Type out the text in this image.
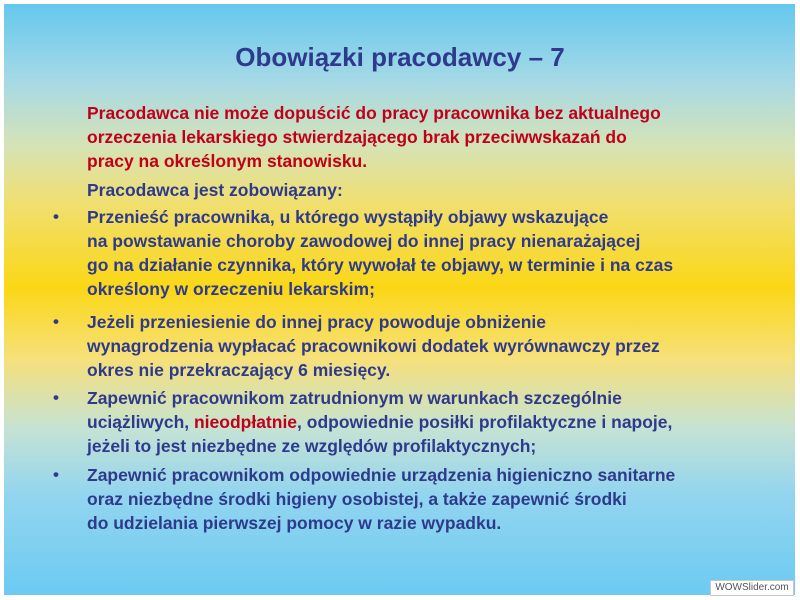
Obowiązki pracodawcy – 7
Pracodawca nie może dopuścić do pracy pracownika bez aktualnego
orzeczenia lekarskiego stwierdzającego brak przeciwwskazań do
pracy na określonym stanowisku.
Pracodawca jest zobowiązany:
• Przenieść pracownika, u którego wystąpiły objawy wskazujące
na powstawanie choroby zawodowej do innej pracy nienarażającej
go na działanie czynnika, który wywołał te objawy, w terminie i na czas
określony w orzeczeniu lekarskim;
• Jeżeli przeniesienie do innej pracy powoduje obniżenie
wynagrodzenia wypłacać pracownikowi dodatek wyrównawczy przez
okres nie przekraczający 6 miesięcy.
• Zapewnić pracownikom zatrudnionym w warunkach szczególnie
uciążliwych, nieodpłatnie, odpowiednie posiłki profilaktyczne i napoje,
jeżeli to jest niezbędne ze względów profilaktycznych;
• Zapewnić pracownikom odpowiednie urządzenia higieniczno sanitarne
oraz niezbędne środki higieny osobistej, a także zapewnić środki
do udzielania pierwszej pomocy w razie wypadku.
WOWSlider.com
